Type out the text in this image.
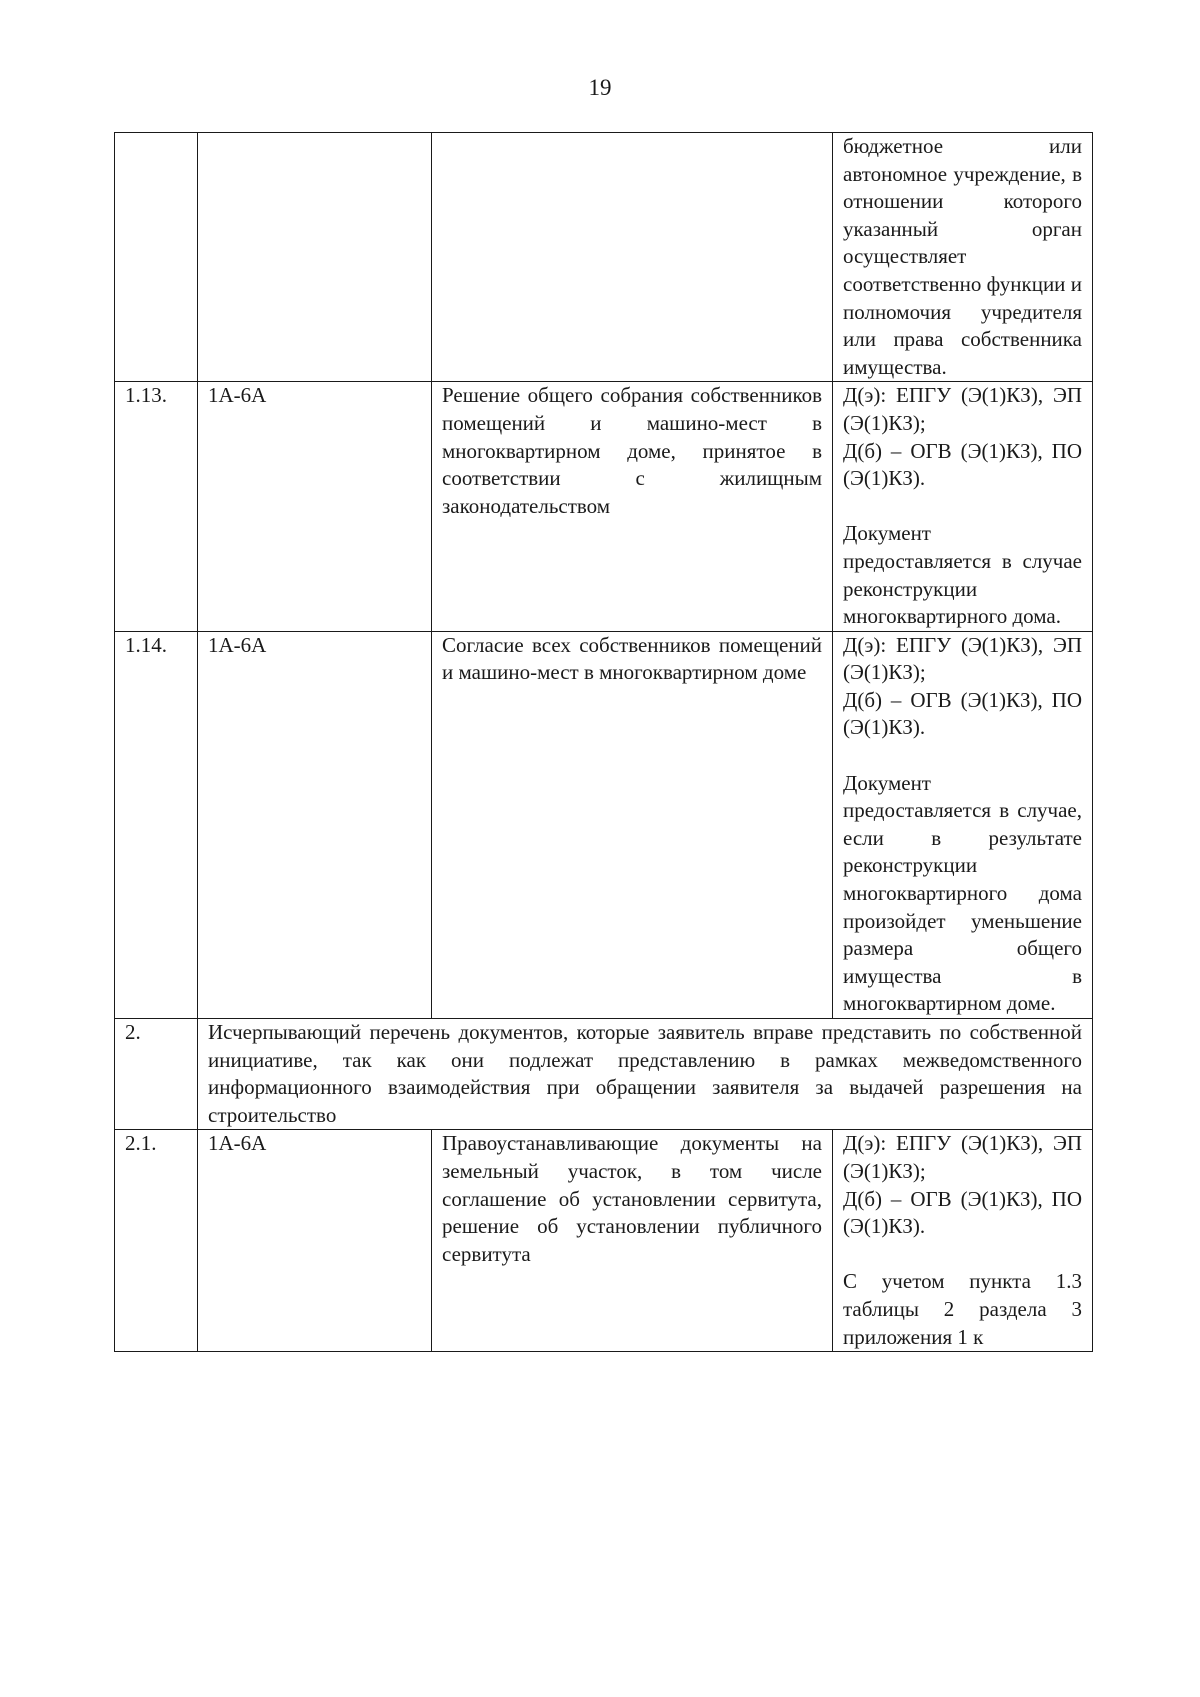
19

			бюджетное или автономное учреждение, в отношении которого указанный орган осуществляет соответственно функции и полномочия учредителя или права собственника имущества.

1.13.	1А-6А	Решение общего собрания собственников помещений и машино-мест в многоквартирном доме, принятое в соответствии с жилищным законодательством	Д(э): ЕПГУ (Э(1)КЗ), ЭП (Э(1)КЗ);

Д(б) – ОГВ (Э(1)КЗ), ПО (Э(1)КЗ).

Документ предоставляется в случае реконструкции многоквартирного дома.

1.14.	1А-6А	Согласие всех собственников помещений и машино-мест в многоквартирном доме	Д(э): ЕПГУ (Э(1)КЗ), ЭП (Э(1)КЗ);

Д(б) – ОГВ (Э(1)КЗ), ПО (Э(1)КЗ).

Документ предоставляется в случае, если в результате реконструкции многоквартирного дома произойдет уменьшение размера общего имущества в многоквартирном доме.

2.	Исчерпывающий перечень документов, которые заявитель вправе представить по собственной инициативе, так как они подлежат представлению в рамках межведомственного информационного взаимодействия при обращении заявителя за выдачей разрешения на строительство		
2.1.	1А-6А	Правоустанавливающие документы на земельный участок, в том числе соглашение об установлении сервитута, решение об установлении публичного сервитута	Д(э): ЕПГУ (Э(1)КЗ), ЭП (Э(1)КЗ);

Д(б) – ОГВ (Э(1)КЗ), ПО (Э(1)КЗ).

С учетом пункта 1.3 таблицы 2 раздела 3 приложения 1 к
